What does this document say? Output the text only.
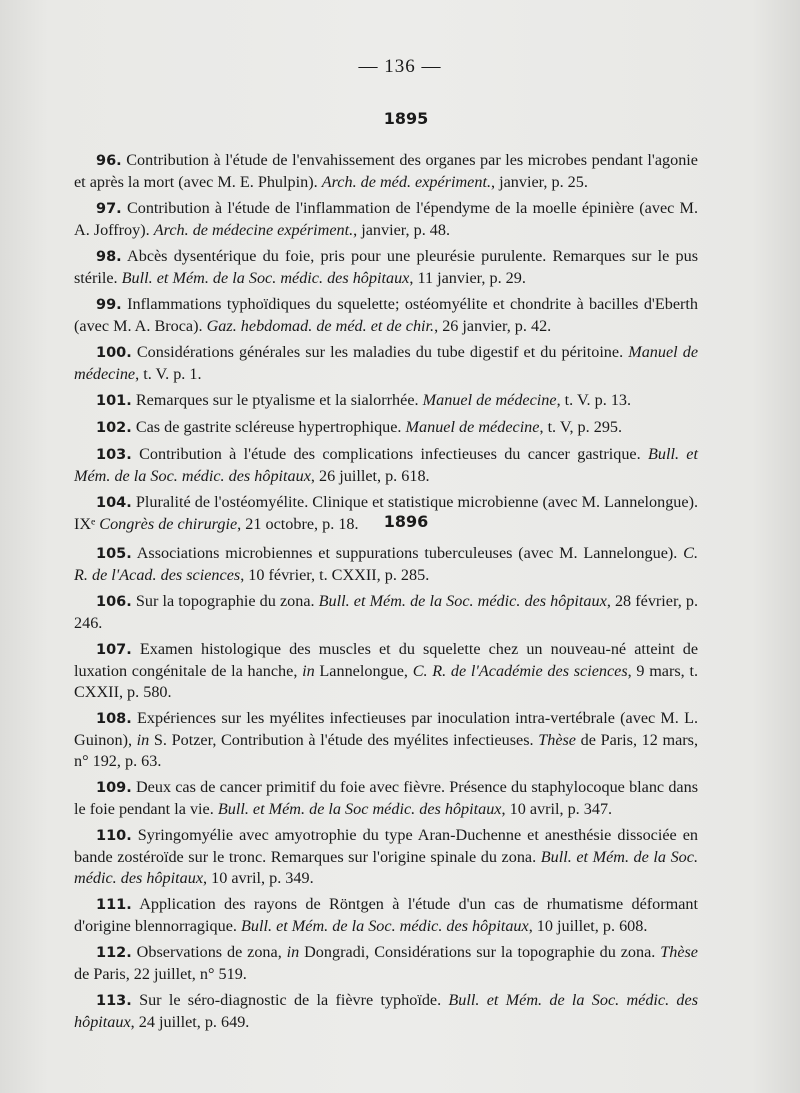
— 136 —
1895

96. Contribution à l'étude de l'envahissement des organes par les microbes pendant l'agonie et après la mort (avec M. E. Phulpin). Arch. de méd. expériment., janvier, p. 25.

97. Contribution à l'étude de l'inflammation de l'épendyme de la moelle épinière (avec M. A. Joffroy). Arch. de médecine expériment., janvier, p. 48.

98. Abcès dysentérique du foie, pris pour une pleurésie purulente. Remarques sur le pus stérile. Bull. et Mém. de la Soc. médic. des hôpitaux, 11 janvier, p. 29.

99. Inflammations typhoïdiques du squelette; ostéomyélite et chondrite à bacilles d'Eberth (avec M. A. Broca). Gaz. hebdomad. de méd. et de chir., 26 janvier, p. 42.

100. Considérations générales sur les maladies du tube digestif et du péritoine. Manuel de médecine, t. V. p. 1.

101. Remarques sur le ptyalisme et la sialorrhée. Manuel de médecine, t. V. p. 13.

102. Cas de gastrite scléreuse hypertrophique. Manuel de médecine, t. V, p. 295.

103. Contribution à l'étude des complications infectieuses du cancer gastrique. Bull. et Mém. de la Soc. médic. des hôpitaux, 26 juillet, p. 618.

104. Pluralité de l'ostéomyélite. Clinique et statistique microbienne (avec M. Lannelongue). IXᵉ Congrès de chirurgie, 21 octobre, p. 18.	1896

105. Associations microbiennes et suppurations tuberculeuses (avec M. Lannelongue). C. R. de l'Acad. des sciences, 10 février, t. CXXII, p. 285.

106. Sur la topographie du zona. Bull. et Mém. de la Soc. médic. des hôpitaux, 28 février, p. 246.

107. Examen histologique des muscles et du squelette chez un nouveau-né atteint de luxation congénitale de la hanche, in Lannelongue, C. R. de l'Académie des sciences, 9 mars, t. CXXII, p. 580.

108. Expériences sur les myélites infectieuses par inoculation intra-vertébrale (avec M. L. Guinon), in S. Potzer, Contribution à l'étude des myélites infectieuses. Thèse de Paris, 12 mars, n° 192, p. 63.

109. Deux cas de cancer primitif du foie avec fièvre. Présence du staphylocoque blanc dans le foie pendant la vie. Bull. et Mém. de la Soc médic. des hôpitaux, 10 avril, p. 347.

110. Syringomyélie avec amyotrophie du type Aran-Duchenne et anesthésie dissociée en bande zostéroïde sur le tronc. Remarques sur l'origine spinale du zona. Bull. et Mém. de la Soc. médic. des hôpitaux, 10 avril, p. 349.

111. Application des rayons de Röntgen à l'étude d'un cas de rhumatisme déformant d'origine blennorragique. Bull. et Mém. de la Soc. médic. des hôpitaux, 10 juillet, p. 608.

112. Observations de zona, in Dongradi, Considérations sur la topographie du zona. Thèse de Paris, 22 juillet, n° 519.

113. Sur le séro-diagnostic de la fièvre typhoïde. Bull. et Mém. de la Soc. médic. des hôpitaux, 24 juillet, p. 649.
